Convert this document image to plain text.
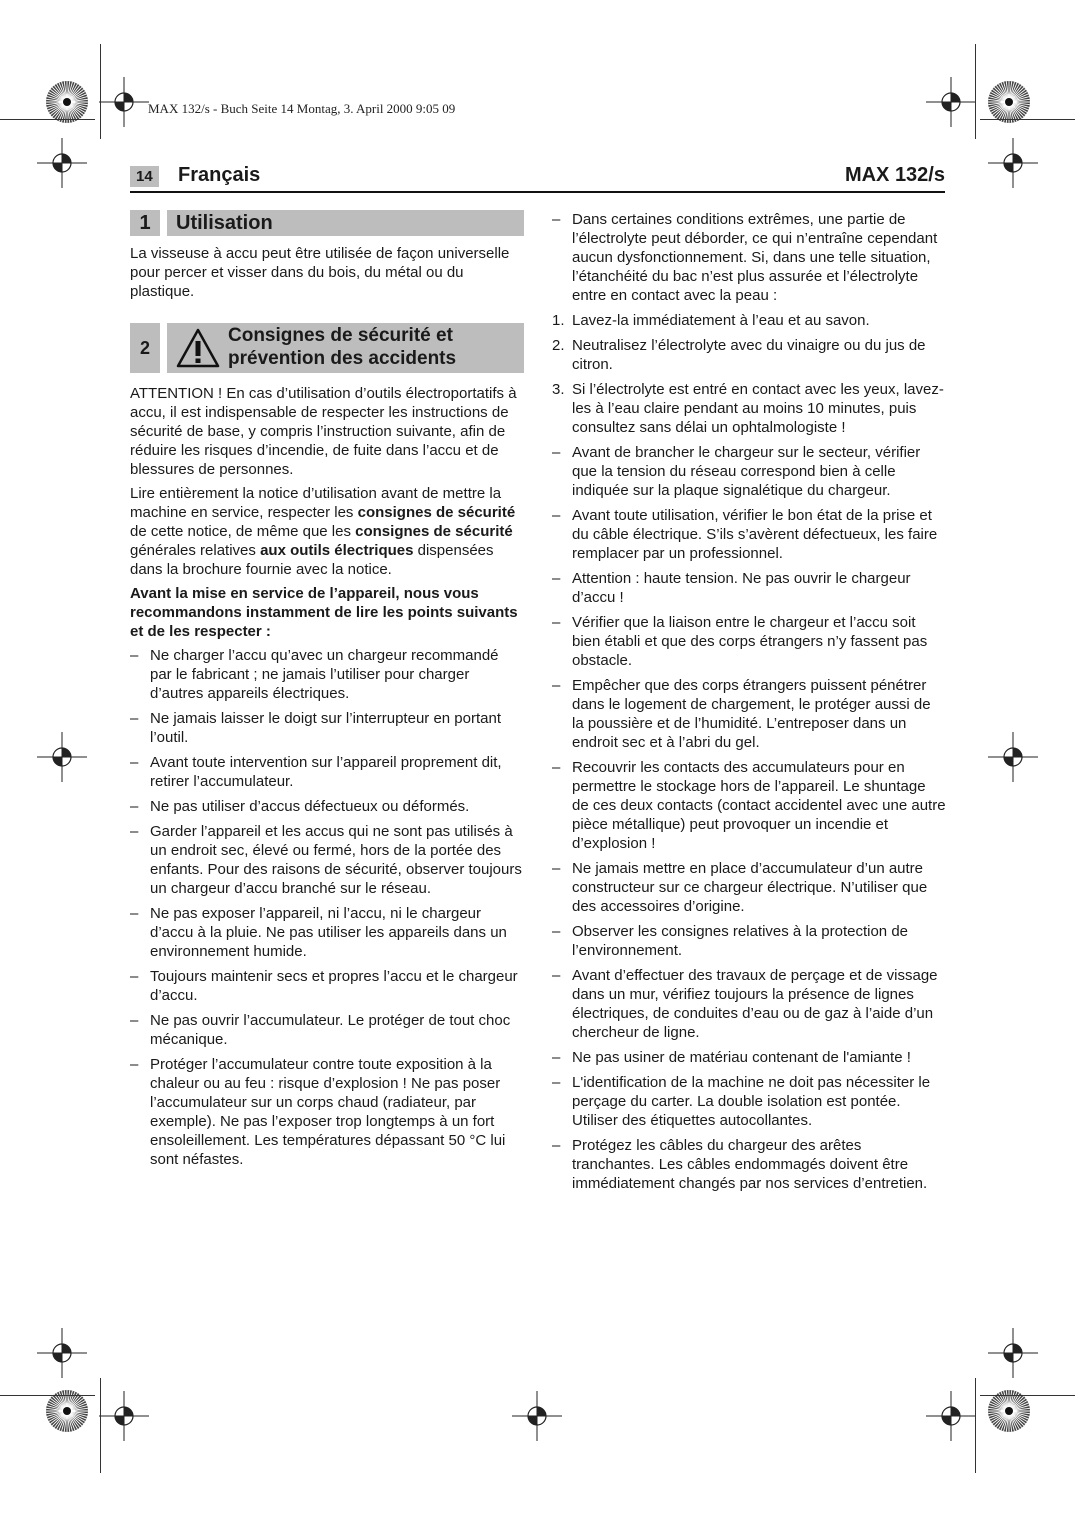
MAX 132/s - Buch Seite 14 Montag, 3. April 2000 9:05 09
14	Français	MAX 132/s
1	Utilisation

La visseuse à accu peut être utilisée de façon universelle pour percer et visser dans du bois, du métal ou du plastique.

2
Consignes de sécurité et
prévention des accidents

ATTENTION ! En cas d’utilisation d’outils électroportatifs à accu, il est indispensable de respecter les instructions de sécurité de base, y compris l’instruction suivante, afin de réduire les risques d’incendie, de fuite dans l’accu et de blessures de personnes.

Lire entièrement la notice d’utilisation avant de mettre la machine en service, respecter les consignes de sécurité de cette notice, de même que les consignes de sécurité générales relatives aux outils électriques dispensées dans la brochure fournie avec la notice.

Avant la mise en service de l’appareil, nous vous recommandons instamment de lire les points suivants et de les respecter :

– Ne charger l’accu qu’avec un chargeur recommandé par le fabricant ; ne jamais l’utiliser pour charger d’autres appareils électriques.
– Ne jamais laisser le doigt sur l’interrupteur en portant l’outil.
– Avant toute intervention sur l’appareil proprement dit, retirer l’accumulateur.
– Ne pas utiliser d’accus défectueux ou déformés.
– Garder l’appareil et les accus qui ne sont pas utilisés à un endroit sec, élevé ou fermé, hors de la portée des enfants. Pour des raisons de sécurité, observer toujours un chargeur d’accu branché sur le réseau.
– Ne pas exposer l’appareil, ni l’accu, ni le chargeur d’accu à la pluie. Ne pas utiliser les appareils dans un environnement humide.
– Toujours maintenir secs et propres l’accu et le chargeur d’accu.
– Ne pas ouvrir l’accumulateur. Le protéger de tout choc mécanique.
– Protéger l’accumulateur contre toute exposition à la chaleur ou au feu : risque d’explosion ! Ne pas poser l’accumulateur sur un corps chaud (radiateur, par exemple). Ne pas l’exposer trop longtemps à un fort ensoleillement. Les températures dépassant 50 °C lui sont néfastes.
– Dans certaines conditions extrêmes, une partie de l’électrolyte peut déborder, ce qui n’entraîne cependant aucun dysfonctionnement. Si, dans une telle situation, l’étanchéité du bac n’est plus assurée et l’électrolyte entre en contact avec la peau :
1. Lavez-la immédiatement à l’eau et au savon.
2. Neutralisez l’électrolyte avec du vinaigre ou du jus de citron.
3. Si l’électrolyte est entré en contact avec les yeux, lavez-les à l’eau claire pendant au moins 10 minutes, puis consultez sans délai un ophtalmologiste !
– Avant de brancher le chargeur sur le secteur, vérifier que la tension du réseau correspond bien à celle indiquée sur la plaque signalétique du chargeur.
– Avant toute utilisation, vérifier le bon état de la prise et du câble électrique. S’ils s’avèrent défectueux, les faire remplacer par un professionnel.
– Attention : haute tension. Ne pas ouvrir le chargeur d’accu !
– Vérifier que la liaison entre le chargeur et l’accu soit bien établi et que des corps étrangers n’y fassent pas obstacle.
– Empêcher que des corps étrangers puissent pénétrer dans le logement de chargement, le protéger aussi de la poussière et de l’humidité. L’entreposer dans un endroit sec et à l’abri du gel.
– Recouvrir les contacts des accumulateurs pour en permettre le stockage hors de l’appareil. Le shuntage de ces deux contacts (contact accidentel avec une autre pièce métallique) peut provoquer un incendie et d’explosion !
– Ne jamais mettre en place d’accumulateur d’un autre constructeur sur ce chargeur électrique. N’utiliser que des accessoires d’origine.
– Observer les consignes relatives à la protection de l’environnement.
– Avant d’effectuer des travaux de perçage et de vissage dans un mur, vérifiez toujours la présence de lignes électriques, de conduites d’eau ou de gaz à l’aide d’un chercheur de ligne.
– Ne pas usiner de matériau contenant de l'amiante !
– L'identification de la machine ne doit pas nécessiter le perçage du carter. La double isolation est pontée. Utiliser des étiquettes autocollantes.
– Protégez les câbles du chargeur des arêtes tranchantes. Les câbles endommagés doivent être immédiatement changés par nos services d’entretien.
